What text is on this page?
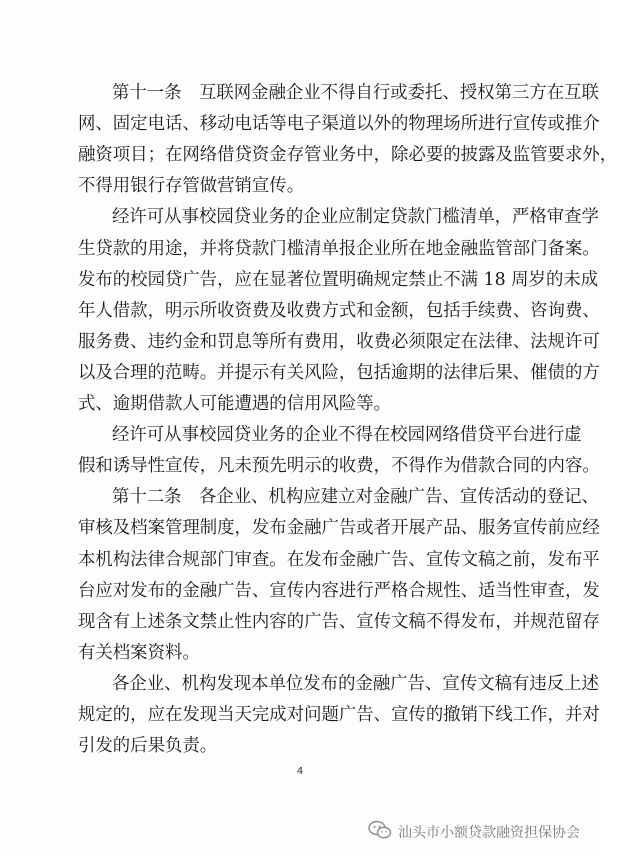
第十一条　互联网金融企业不得自行或委托、授权第三方在互联
网、固定电话、移动电话等电子渠道以外的物理场所进行宣传或推介
融资项目；在网络借贷资金存管业务中，除必要的披露及监管要求外，
不得用银行存管做营销宣传。
经许可从事校园贷业务的企业应制定贷款门槛清单，严格审查学
生贷款的用途，并将贷款门槛清单报企业所在地金融监管部门备案。
发布的校园贷广告，应在显著位置明确规定禁止不满 18 周岁的未成
年人借款，明示所收资费及收费方式和金额，包括手续费、咨询费、
服务费、违约金和罚息等所有费用，收费必须限定在法律、法规许可
以及合理的范畴。并提示有关风险，包括逾期的法律后果、催债的方
式、逾期借款人可能遭遇的信用风险等。
经许可从事校园贷业务的企业不得在校园网络借贷平台进行虚
假和诱导性宣传，凡未预先明示的收费，不得作为借款合同的内容。
第十二条　各企业、机构应建立对金融广告、宣传活动的登记、
审核及档案管理制度，发布金融广告或者开展产品、服务宣传前应经
本机构法律合规部门审查。在发布金融广告、宣传文稿之前，发布平
台应对发布的金融广告、宣传内容进行严格合规性、适当性审查，发
现含有上述条文禁止性内容的广告、宣传文稿不得发布，并规范留存
有关档案资料。
4
汕头市小额贷款融资担保协会
各企业、机构发现本单位发布的金融广告、宣传文稿有违反上述
规定的，应在发现当天完成对问题广告、宣传的撤销下线工作，并对
引发的后果负责。
